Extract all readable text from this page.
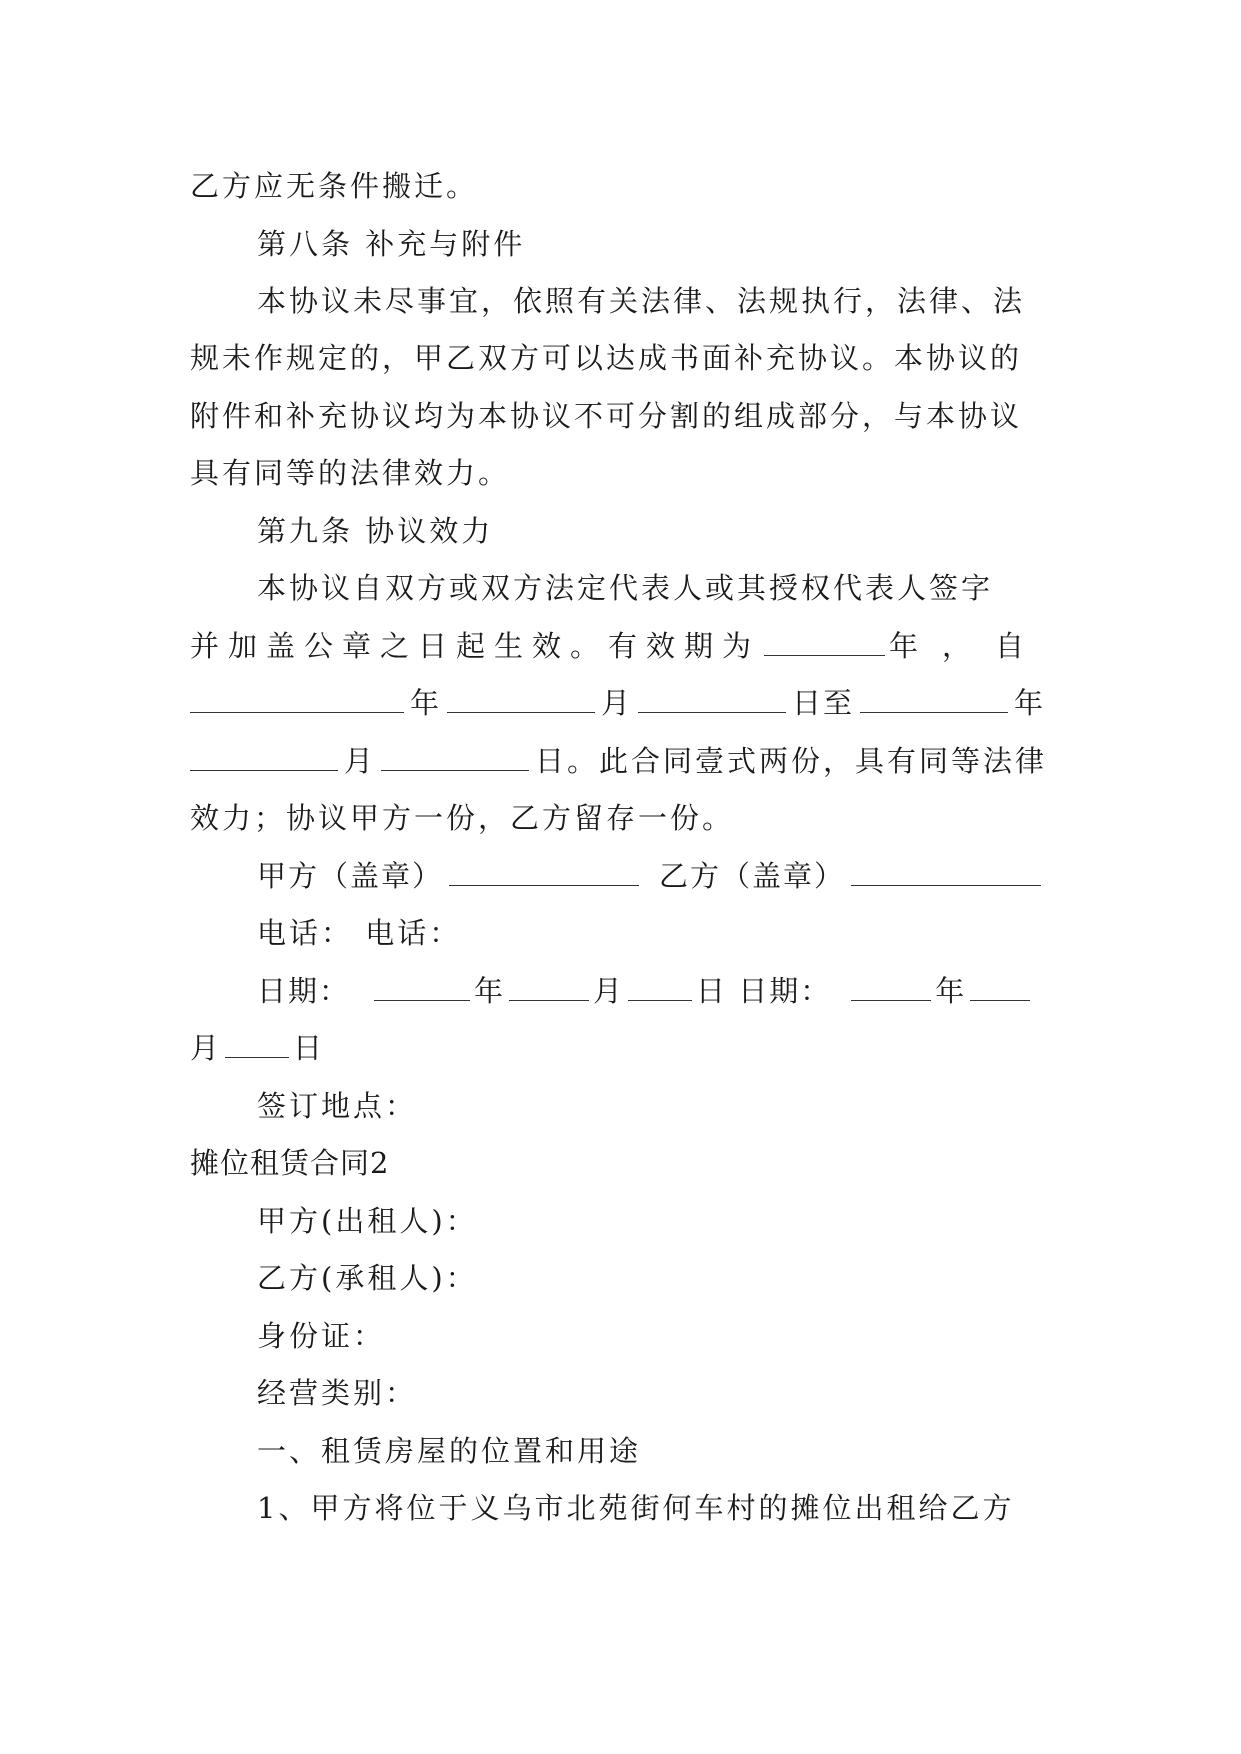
乙方应无条件搬迁。
第八条 补充与附件
本协议未尽事宜，依照有关法律、法规执行，法律、法
规未作规定的，甲乙双方可以达成书面补充协议。本协议的
附件和补充协议均为本协议不可分割的组成部分，与本协议
具有同等的法律效力。
第九条 协议效力
本协议自双方或双方法定代表人或其授权代表人签字
并加盖公章之日起生效。有效期为	年，自
年	月	日至	年
月	日。此合同壹式两份，具有同等法律
效力；协议甲方一份，乙方留存一份。
甲方（盖章）	乙方（盖章）
电话： 电话：
日期：	年	月 日 日期：	年
月 日
签订地点：
摊位租赁合同2
甲方(出租人)：
乙方(承租人)：
身份证：
经营类别：
一、租赁房屋的位置和用途
1、甲方将位于义乌市北苑街何车村的摊位出租给乙方
